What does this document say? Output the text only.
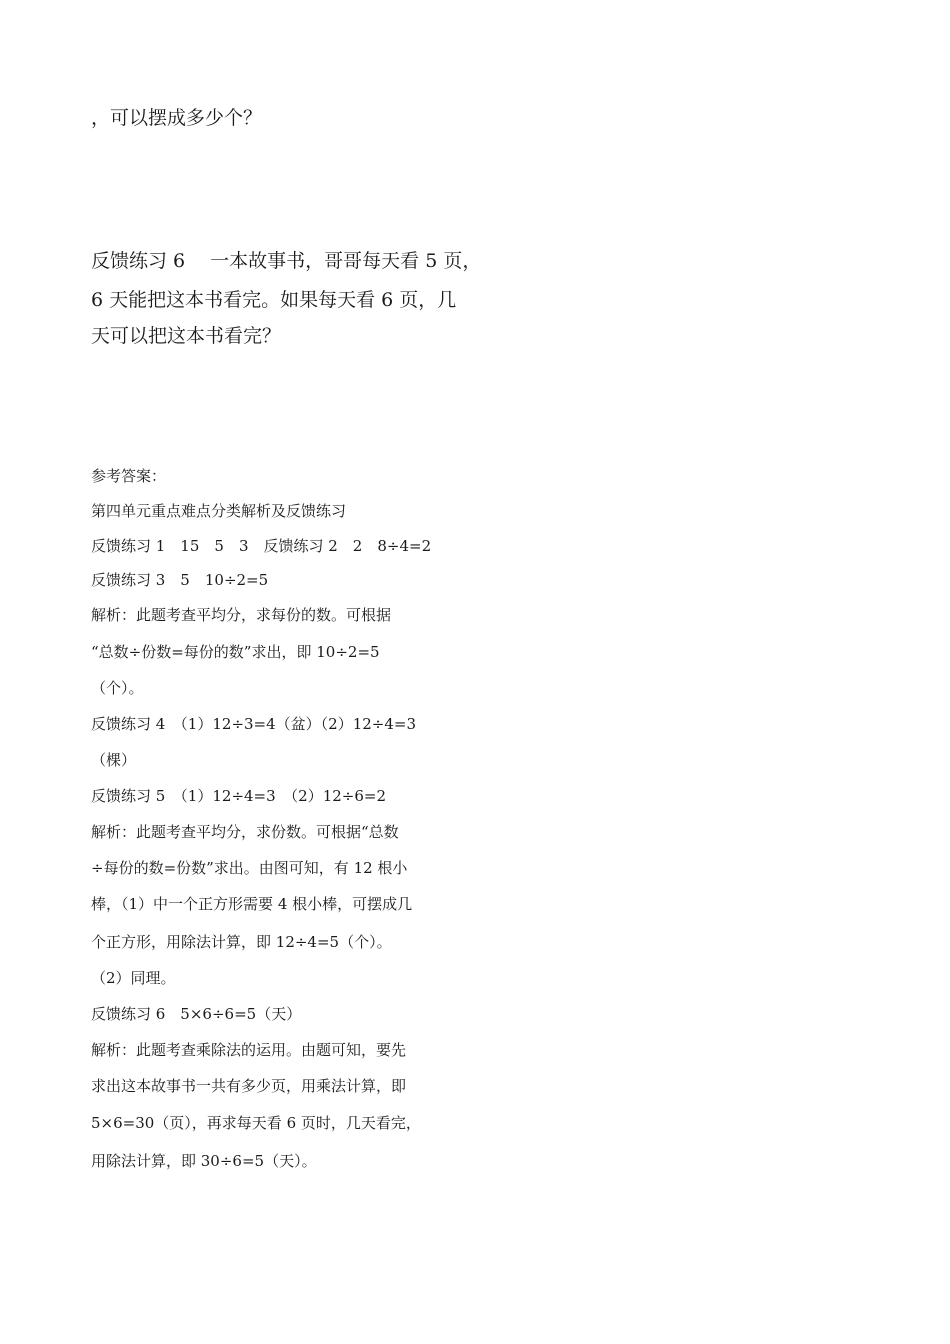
，可以摆成多少个？
反馈练习 6　 一本故事书，哥哥每天看 5 页，
6 天能把这本书看完。如果每天看 6 页，几
天可以把这本书看完？
参考答案：
第四单元重点难点分类解析及反馈练习
反馈练习 1　15　5　3　反馈练习 2　2　8÷4=2
反馈练习 3　5　10÷2=5
解析：此题考查平均分，求每份的数。可根据
“总数÷份数=每份的数”求出，即 10÷2=5
（个）。
反馈练习 4　（1）12÷3=4（盆）（2）12÷4=3
（棵）
反馈练习 5　（1）12÷4=3　（2）12÷6=2
解析：此题考查平均分，求份数。可根据“总数
÷每份的数=份数”求出。由图可知，有 12 根小
棒，（1）中一个正方形需要 4 根小棒，可摆成几
个正方形，用除法计算，即 12÷4=5（个）。
（2）同理。
反馈练习 6　5×6÷6=5（天）
解析：此题考查乘除法的运用。由题可知，要先
求出这本故事书一共有多少页，用乘法计算，即
5×6=30（页），再求每天看 6 页时，几天看完，
用除法计算，即 30÷6=5（天）。
